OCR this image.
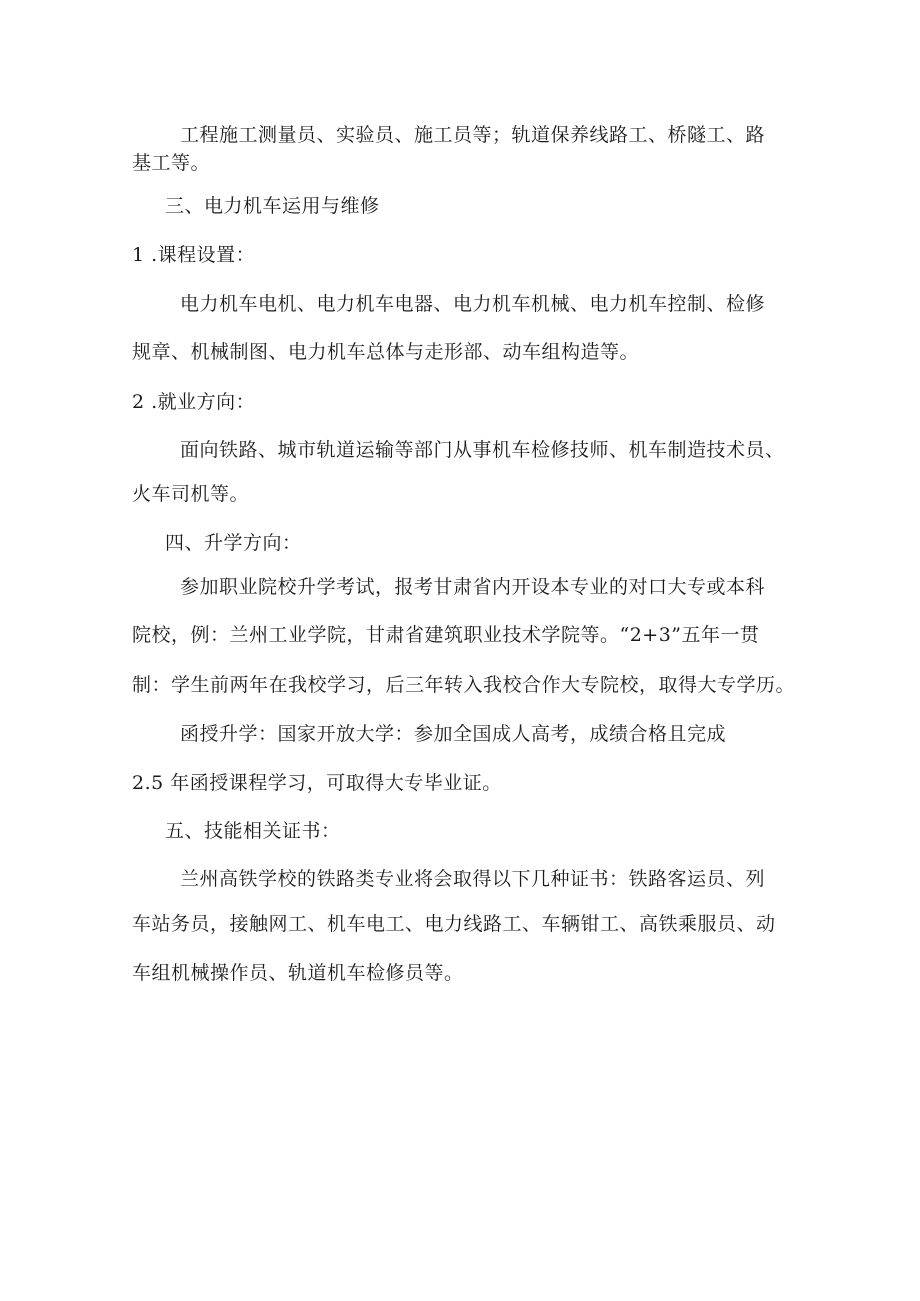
工程施工测量员、实验员、施工员等；轨道保养线路工、桥隧工、路
基工等。
三、电力机车运用与维修
1 .课程设置：
电力机车电机、电力机车电器、电力机车机械、电力机车控制、检修
规章、机械制图、电力机车总体与走形部、动车组构造等。
2 .就业方向：
面向铁路、城市轨道运输等部门从事机车检修技师、机车制造技术员、
火车司机等。
四、升学方向：
参加职业院校升学考试，报考甘肃省内开设本专业的对口大专或本科
院校，例：兰州工业学院，甘肃省建筑职业技术学院等。“2+3”五年一贯
制：学生前两年在我校学习，后三年转入我校合作大专院校，取得大专学历。
函授升学：国家开放大学：参加全国成人高考，成绩合格且完成
2.5 年函授课程学习，可取得大专毕业证。
五、技能相关证书：
兰州高铁学校的铁路类专业将会取得以下几种证书：铁路客运员、列
车站务员，接触网工、机车电工、电力线路工、车辆钳工、高铁乘服员、动
车组机械操作员、轨道机车检修员等。
